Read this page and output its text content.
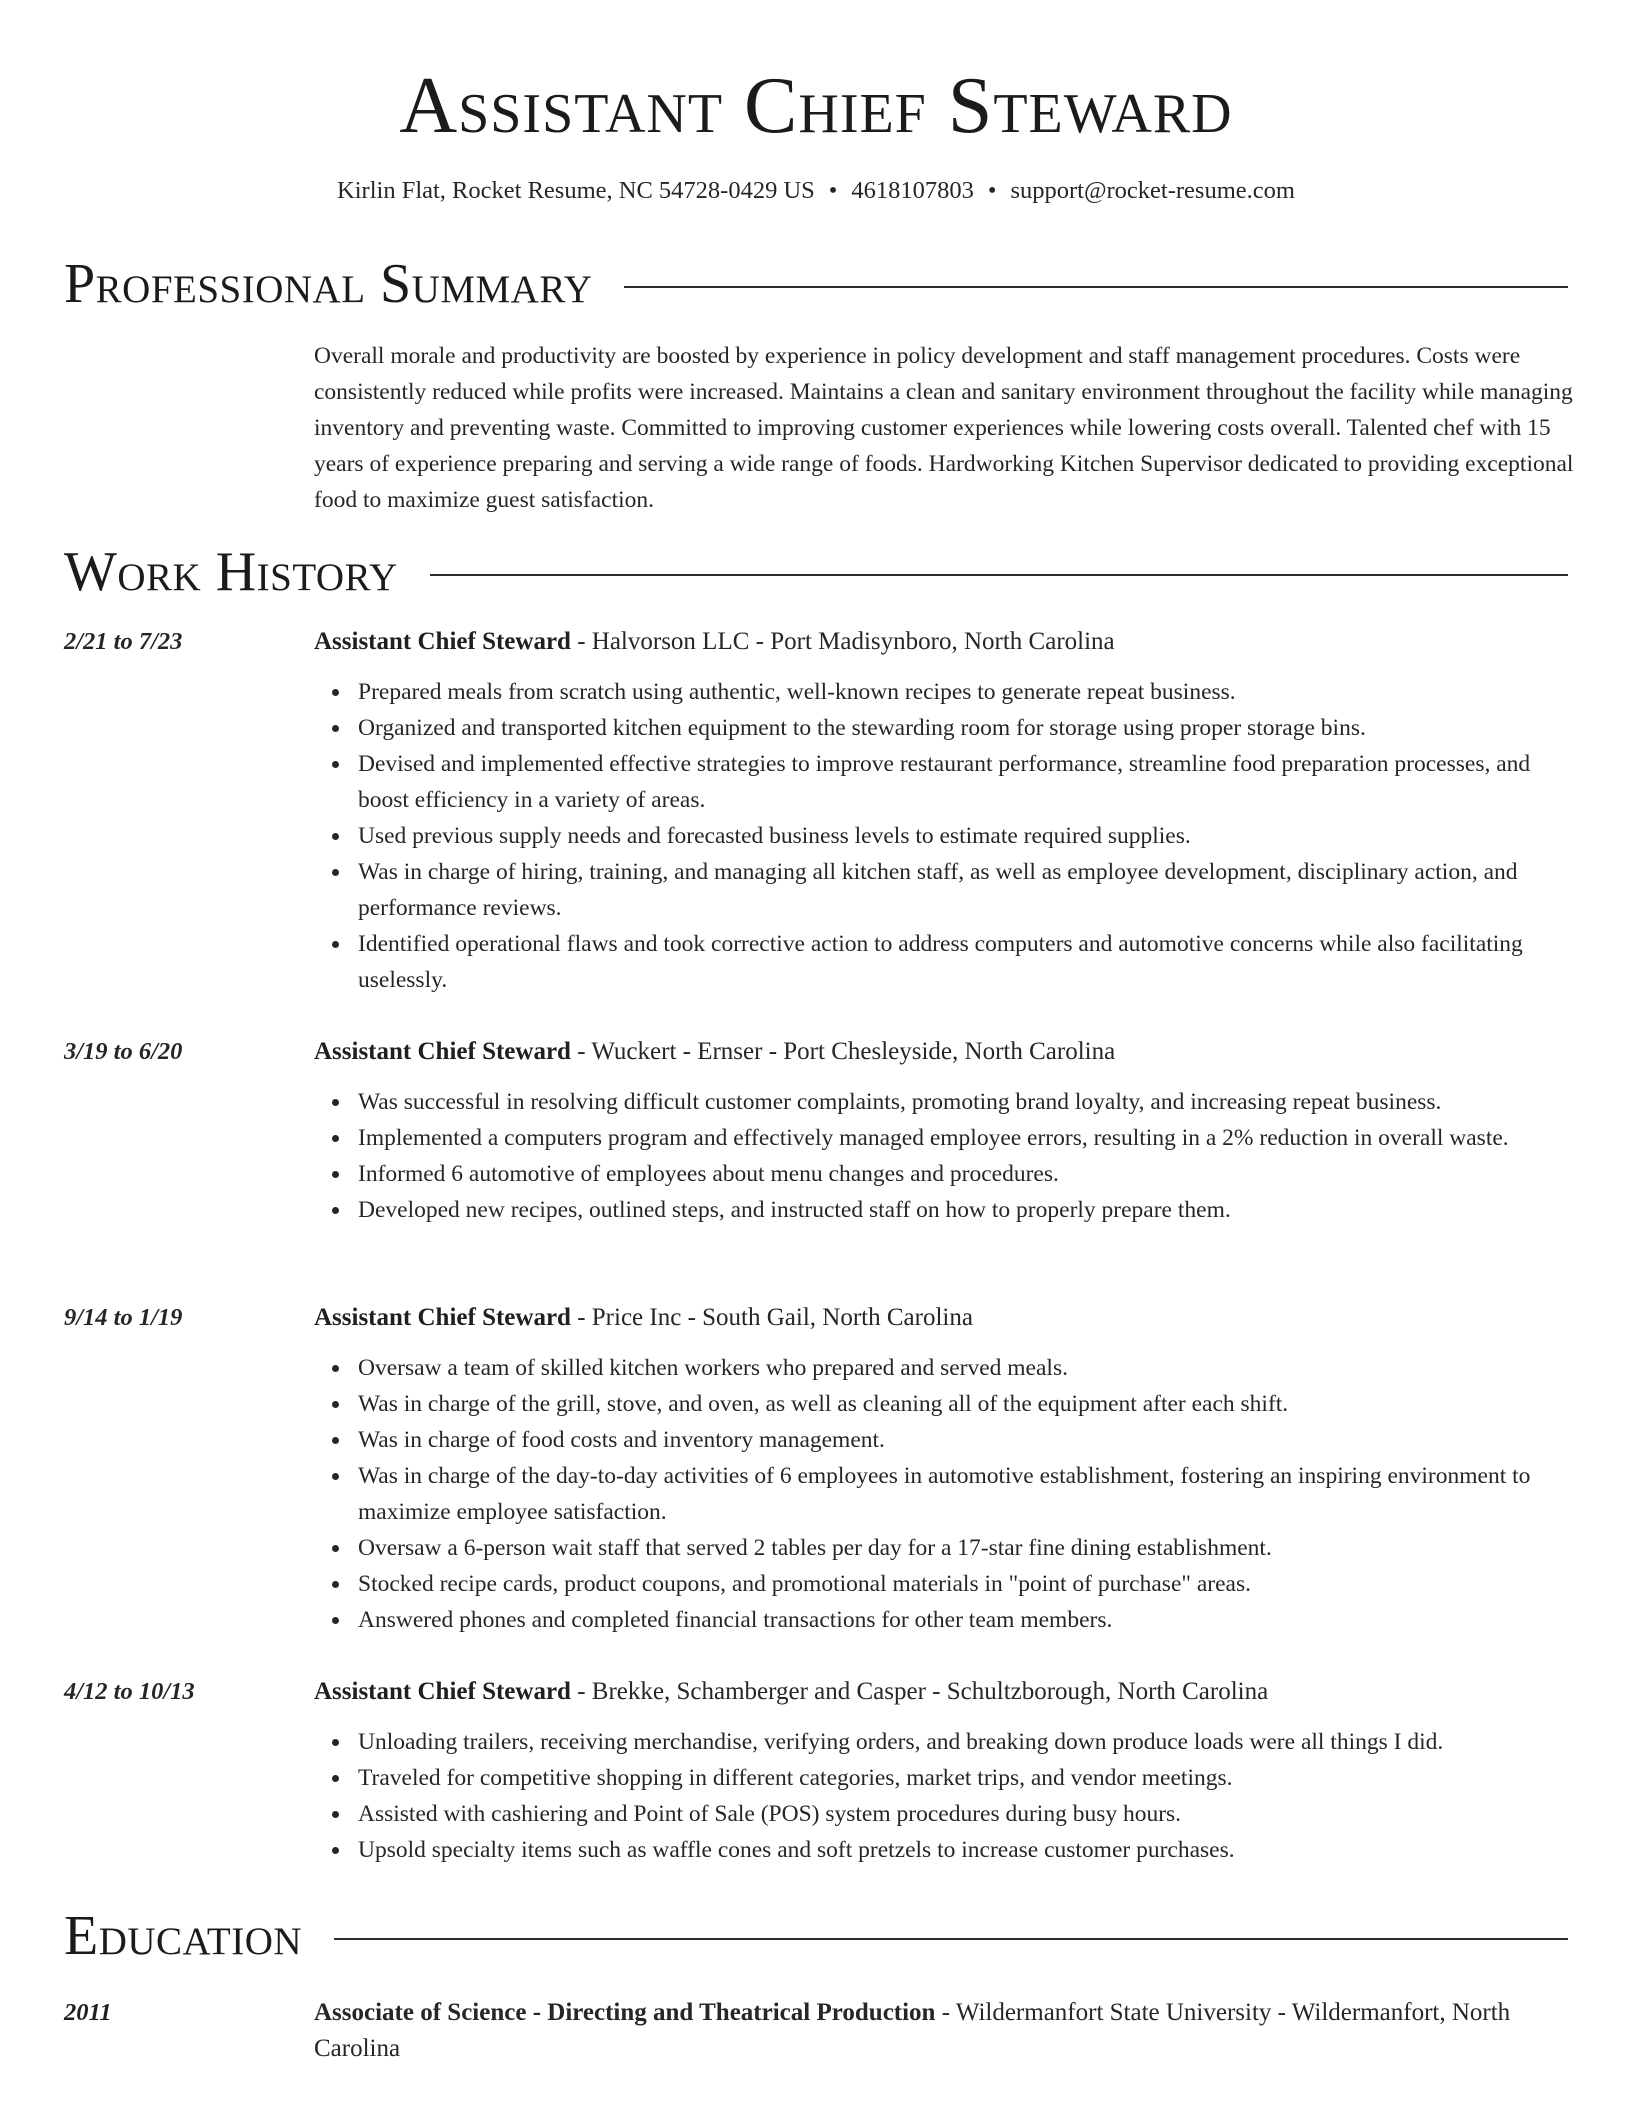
Assistant Chief Steward
Kirlin Flat, Rocket Resume, NC 54728-0429 US • 4618107803 • support@rocket-resume.com
Professional Summary
Overall morale and productivity are boosted by experience in policy development and staff management procedures. Costs were consistently reduced while profits were increased. Maintains a clean and sanitary environment throughout the facility while managing inventory and preventing waste. Committed to improving customer experiences while lowering costs overall. Talented chef with 15 years of experience preparing and serving a wide range of foods. Hardworking Kitchen Supervisor dedicated to providing exceptional food to maximize guest satisfaction.
Work History
2/21 to 7/23	Assistant Chief Steward - Halvorson LLC - Port Madisynboro, North Carolina
Prepared meals from scratch using authentic, well-known recipes to generate repeat business.
Organized and transported kitchen equipment to the stewarding room for storage using proper storage bins.
Devised and implemented effective strategies to improve restaurant performance, streamline food preparation processes, and boost efficiency in a variety of areas.
Used previous supply needs and forecasted business levels to estimate required supplies.
Was in charge of hiring, training, and managing all kitchen staff, as well as employee development, disciplinary action, and performance reviews.
Identified operational flaws and took corrective action to address computers and automotive concerns while also facilitating uselessly.
3/19 to 6/20	Assistant Chief Steward - Wuckert - Ernser - Port Chesleyside, North Carolina
Was successful in resolving difficult customer complaints, promoting brand loyalty, and increasing repeat business.
Implemented a computers program and effectively managed employee errors, resulting in a 2% reduction in overall waste.
Informed 6 automotive of employees about menu changes and procedures.
Developed new recipes, outlined steps, and instructed staff on how to properly prepare them.
9/14 to 1/19	Assistant Chief Steward - Price Inc - South Gail, North Carolina
Oversaw a team of skilled kitchen workers who prepared and served meals.
Was in charge of the grill, stove, and oven, as well as cleaning all of the equipment after each shift.
Was in charge of food costs and inventory management.
Was in charge of the day-to-day activities of 6 employees in automotive establishment, fostering an inspiring environment to maximize employee satisfaction.
Oversaw a 6-person wait staff that served 2 tables per day for a 17-star fine dining establishment.
Stocked recipe cards, product coupons, and promotional materials in "point of purchase" areas.
Answered phones and completed financial transactions for other team members.
4/12 to 10/13	Assistant Chief Steward - Brekke, Schamberger and Casper - Schultzborough, North Carolina
Unloading trailers, receiving merchandise, verifying orders, and breaking down produce loads were all things I did.
Traveled for competitive shopping in different categories, market trips, and vendor meetings.
Assisted with cashiering and Point of Sale (POS) system procedures during busy hours.
Upsold specialty items such as waffle cones and soft pretzels to increase customer purchases.
Education
2011	Associate of Science - Directing and Theatrical Production - Wildermanfort State University - Wildermanfort, North Carolina
